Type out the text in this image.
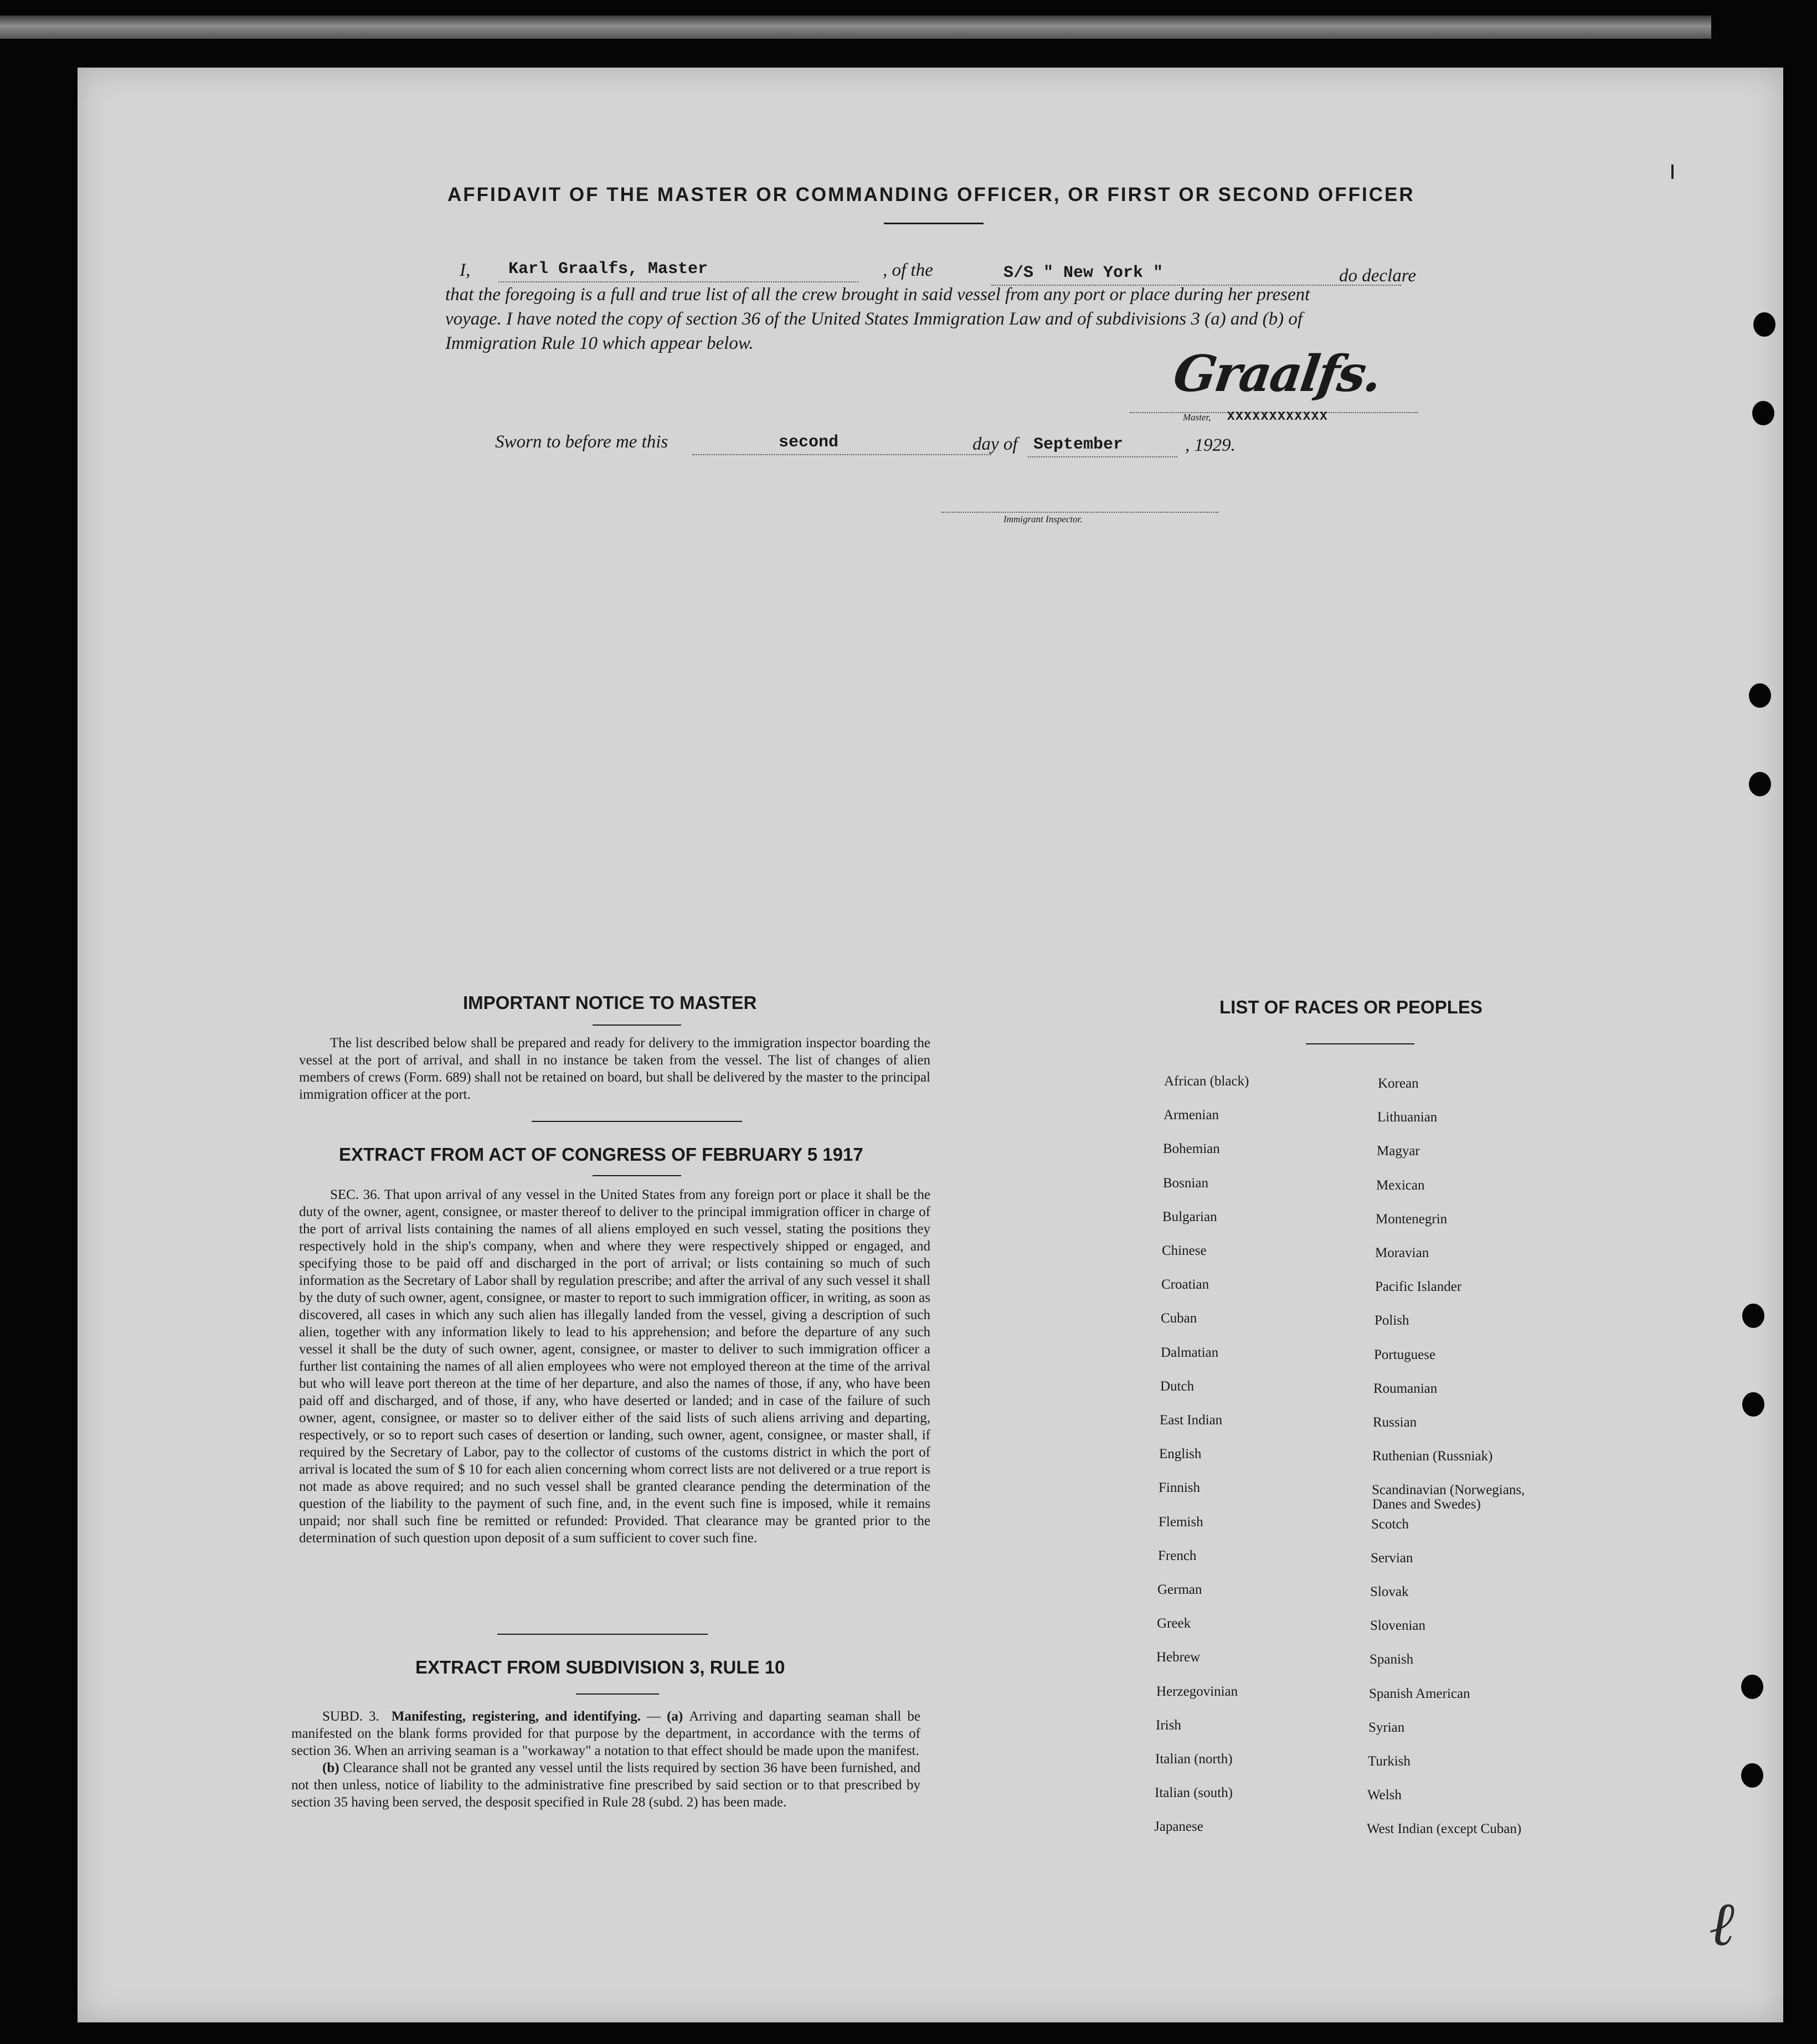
AFFIDAVIT OF THE MASTER OR COMMANDING OFFICER, OR FIRST OR SECOND OFFICER
I, Karl Graalfs, Master	, of the	S/S " New York "	do declare
that the foregoing is a full and true list of all the crew brought in said vessel from any port or place during her present
voyage. I have noted the copy of section 36 of the United States Immigration Law and of subdivisions 3 (a) and (b) of
Immigration Rule 10 which appear below.
Graalfs.
Master, XXXXXXXXXXXX
Sworn to before me this	second	day of September	, 1929.
Immigrant Inspector.
IMPORTANT NOTICE TO MASTER

The list described below shall be prepared and ready for delivery to the immigration inspector boarding the vessel at the port of arrival, and shall in no instance be taken from the vessel. The list of changes of alien members of crews (Form. 689) shall not be retained on board, but shall be delivered by the master to the principal immigration officer at the port.

EXTRACT FROM ACT OF CONGRESS OF FEBRUARY 5 1917

SEC. 36. That upon arrival of any vessel in the United States from any foreign port or place it shall be the duty of the owner, agent, consignee, or master thereof to deliver to the principal immigration officer in charge of the port of arrival lists containing the names of all aliens employed en such vessel, stating the positions they respectively hold in the ship's company, when and where they were respectively shipped or engaged, and specifying those to be paid off and discharged in the port of arrival; or lists containing so much of such information as the Secretary of Labor shall by regulation prescribe; and after the arrival of any such vessel it shall by the duty of such owner, agent, consignee, or master to report to such immigration officer, in writing, as soon as discovered, all cases in which any such alien has illegally landed from the vessel, giving a description of such alien, together with any information likely to lead to his apprehension; and before the departure of any such vessel it shall be the duty of such owner, agent, consignee, or master to deliver to such immigration officer a further list containing the names of all alien employees who were not employed thereon at the time of the arrival but who will leave port thereon at the time of her departure, and also the names of those, if any, who have been paid off and discharged, and of those, if any, who have deserted or landed; and in case of the failure of such owner, agent, consignee, or master so to deliver either of the said lists of such aliens arriving and departing, respectively, or so to report such cases of desertion or landing, such owner, agent, consignee, or master shall, if required by the Secretary of Labor, pay to the collector of customs of the customs district in which the port of arrival is located the sum of $ 10 for each alien concerning whom correct lists are not delivered or a true report is not made as above required; and no such vessel shall be granted clearance pending the determination of the question of the liability to the payment of such fine, and, in the event such fine is imposed, while it remains unpaid; nor shall such fine be remitted or refunded: Provided. That clearance may be granted prior to the determination of such question upon deposit of a sum sufficient to cover such fine.

EXTRACT FROM SUBDIVISION 3, RULE 10

SUBD. 3. Manifesting, registering, and identifying. — (a) Arriving and daparting seaman shall be manifested on the blank forms provided for that purpose by the department, in accordance with the terms of section 36. When an arriving seaman is a "workaway" a notation to that effect should be made upon the manifest.

(b) Clearance shall not be granted any vessel until the lists required by section 36 have been furnished, and not then unless, notice of liability to the administrative fine prescribed by said section or to that prescribed by section 35 having been served, the desposit specified in Rule 28 (subd. 2) has been made.

LIST OF RACES OR PEOPLES
African (black)
Armenian
Bohemian
Bosnian
Bulgarian
Chinese
Croatian
Cuban
Dalmatian
Dutch
East Indian
English
Finnish
Flemish
French
German
Greek
Hebrew
Herzegovinian
Irish
Italian (north)
Italian (south)
Japanese
Korean
Lithuanian
Magyar
Mexican
Montenegrin
Moravian
Pacific Islander
Polish
Portuguese
Roumanian
Russian
Ruthenian (Russniak)
Scandinavian (Norwegians,
Scotch
Servian
Slovak
Slovenian
Spanish
Spanish American
Syrian
Turkish
Welsh
West Indian (except Cuban)
Danes and Swedes)
ℓ
